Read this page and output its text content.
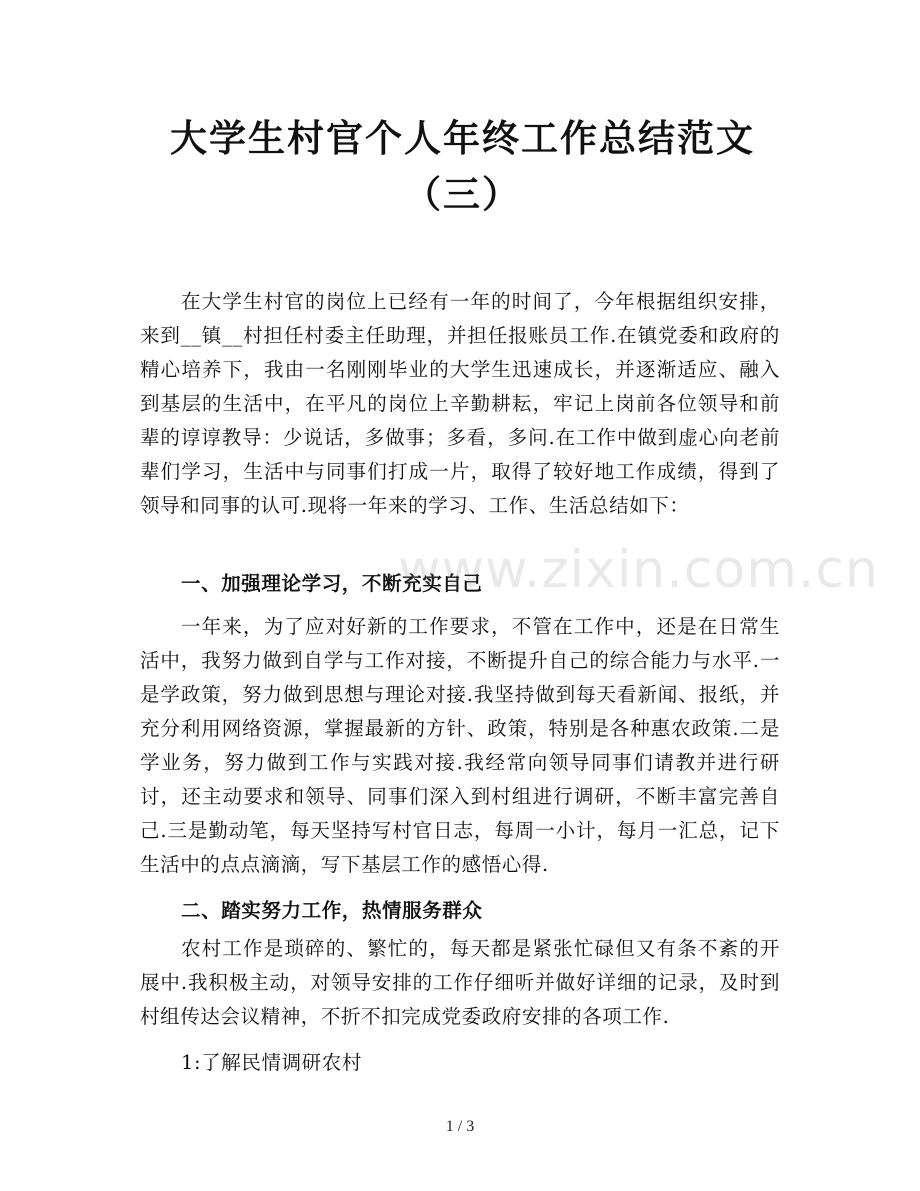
大学生村官个人年终工作总结范文（三）

在大学生村官的岗位上已经有一年的时间了，今年根据组织安排，来到__镇__村担任村委主任助理，并担任报账员工作.在镇党委和政府的精心培养下，我由一名刚刚毕业的大学生迅速成长，并逐渐适应、融入到基层的生活中，在平凡的岗位上辛勤耕耘，牢记上岗前各位领导和前辈的谆谆教导：少说话，多做事；多看，多问.在工作中做到虚心向老前辈们学习，生活中与同事们打成一片，取得了较好地工作成绩，得到了领导和同事的认可.现将一年来的学习、工作、生活总结如下：

一、加强理论学习，不断充实自己

一年来，为了应对好新的工作要求，不管在工作中，还是在日常生活中，我努力做到自学与工作对接，不断提升自己的综合能力与水平.一是学政策，努力做到思想与理论对接.我坚持做到每天看新闻、报纸，并充分利用网络资源，掌握最新的方针、政策，特别是各种惠农政策.二是学业务，努力做到工作与实践对接.我经常向领导同事们请教并进行研讨，还主动要求和领导、同事们深入到村组进行调研，不断丰富完善自己.三是勤动笔，每天坚持写村官日志，每周一小计，每月一汇总，记下生活中的点点滴滴，写下基层工作的感悟心得.

二、踏实努力工作，热情服务群众

农村工作是琐碎的、繁忙的，每天都是紧张忙碌但又有条不紊的开展中.我积极主动，对领导安排的工作仔细听并做好详细的记录，及时到村组传达会议精神，不折不扣完成党委政府安排的各项工作.

1:了解民情调研农村

www.zixin.com.cn
1 / 3
